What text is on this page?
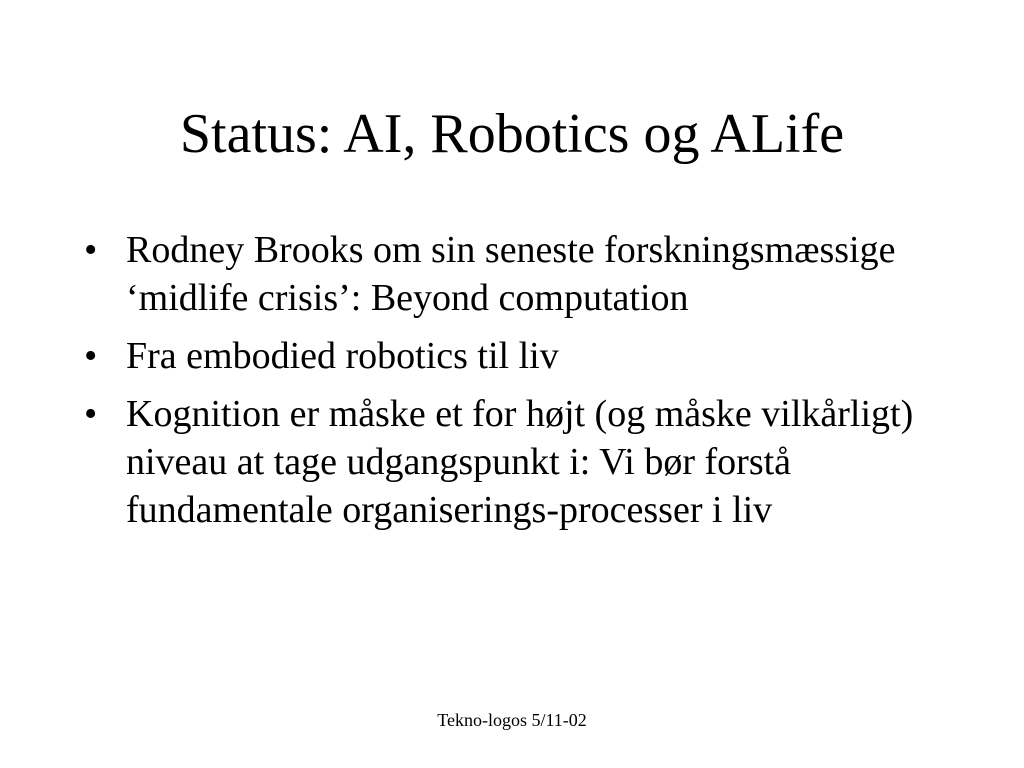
Status: AI, Robotics og ALife
• Rodney Brooks om sin seneste forskningsmæssige ‘midlife crisis’: Beyond computation
• Fra embodied robotics til liv
• Kognition er måske et for højt (og måske vilkårligt) niveau at tage udgangspunkt i: Vi bør forstå fundamentale organiserings-processer i liv
Tekno-logos 5/11-02
